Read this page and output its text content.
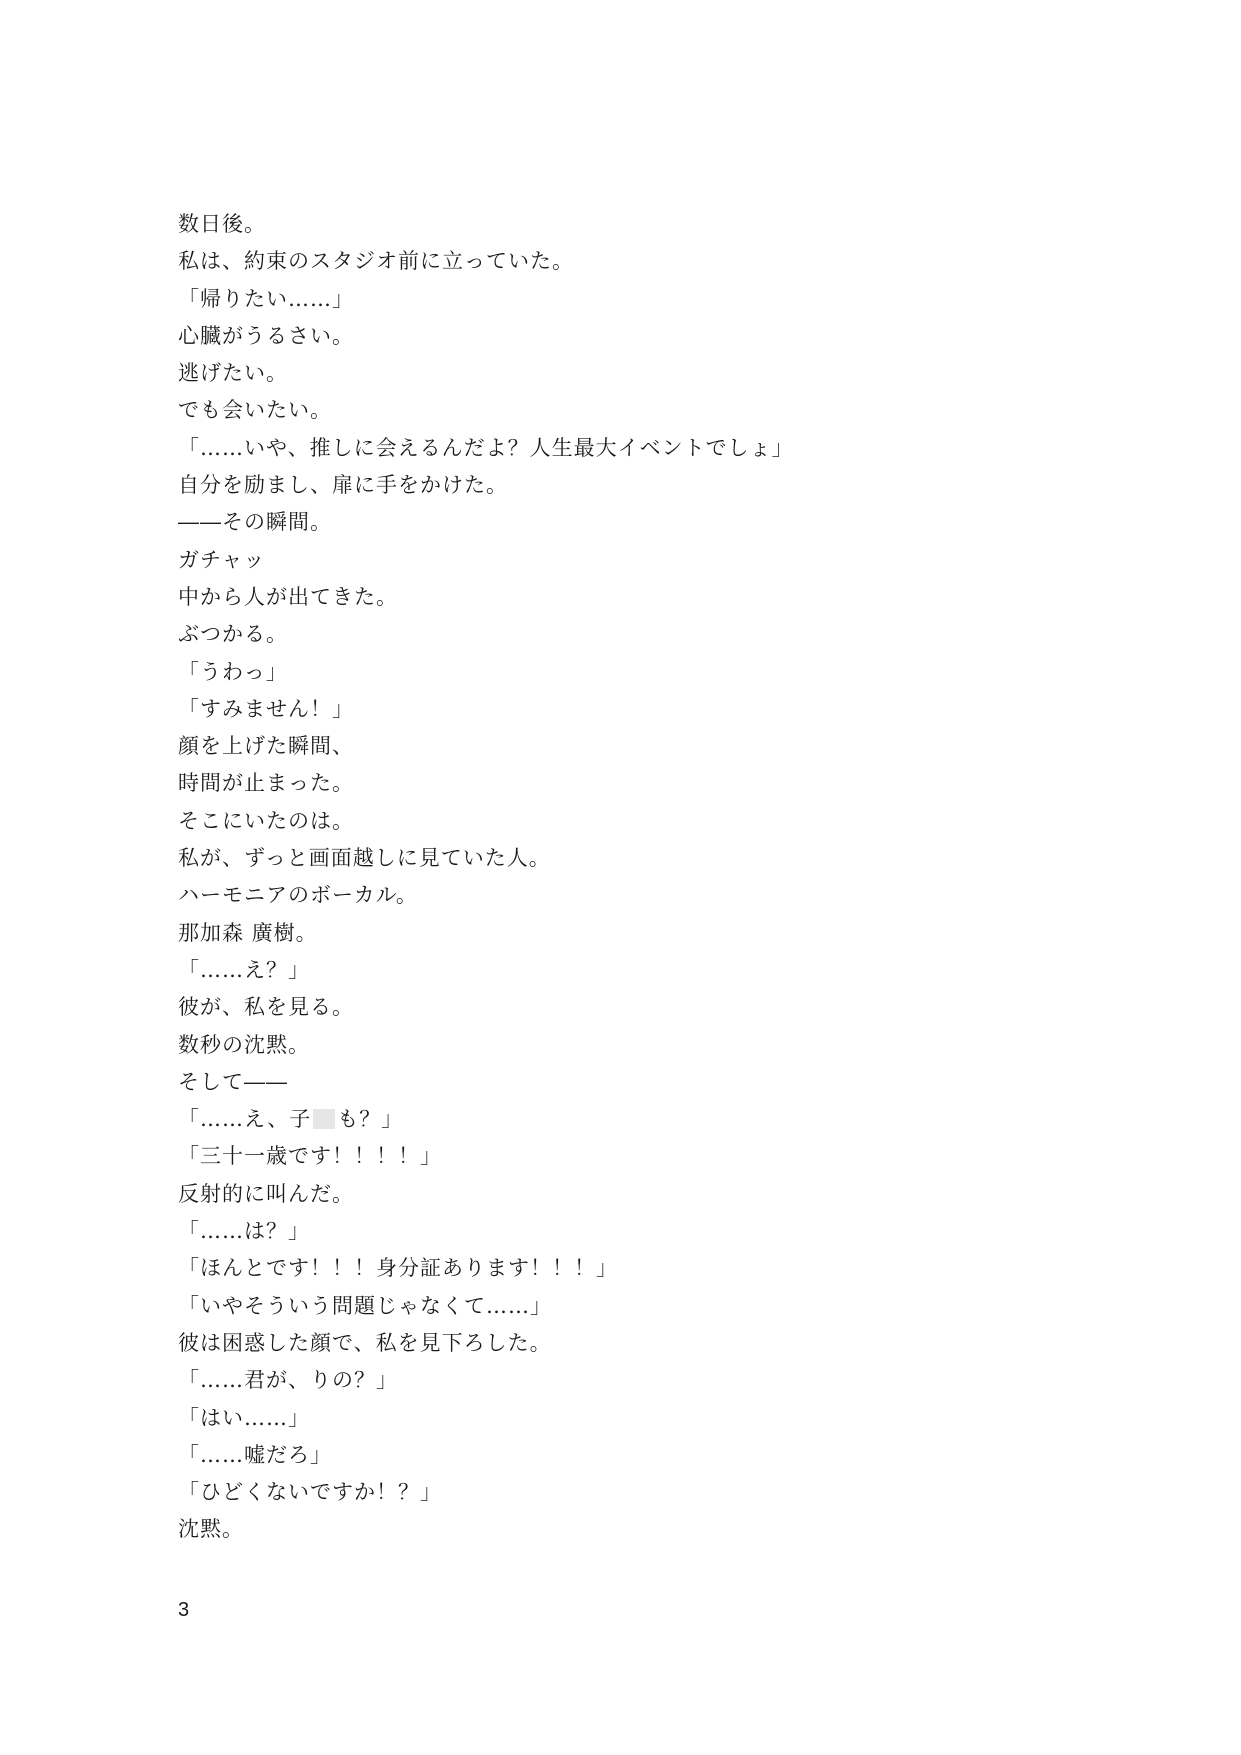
数日後。
私は、約束のスタジオ前に立っていた。
「帰りたい……」
心臓がうるさい。
逃げたい。
でも会いたい。
「……いや、推しに会えるんだよ？人生最大イベントでしょ」
自分を励まし、扉に手をかけた。
――その瞬間。
ガチャッ
中から人が出てきた。
ぶつかる。
「うわっ」
「すみません！」
顔を上げた瞬間、
時間が止まった。
そこにいたのは。
私が、ずっと画面越しに見ていた人。
ハーモニアのボーカル。
那加森 廣樹。
「……え？」
彼が、私を見る。
数秒の沈黙。
そして――
「……え、子 も？」
「三十一歳です！！！！」
反射的に叫んだ。
「……は？」
「ほんとです！！！身分証あります！！！」
「いやそういう問題じゃなくて……」
彼は困惑した顔で、私を見下ろした。
「……君が、りの？」
「はい……」
「……嘘だろ」
「ひどくないですか！？」
沈黙。
3
